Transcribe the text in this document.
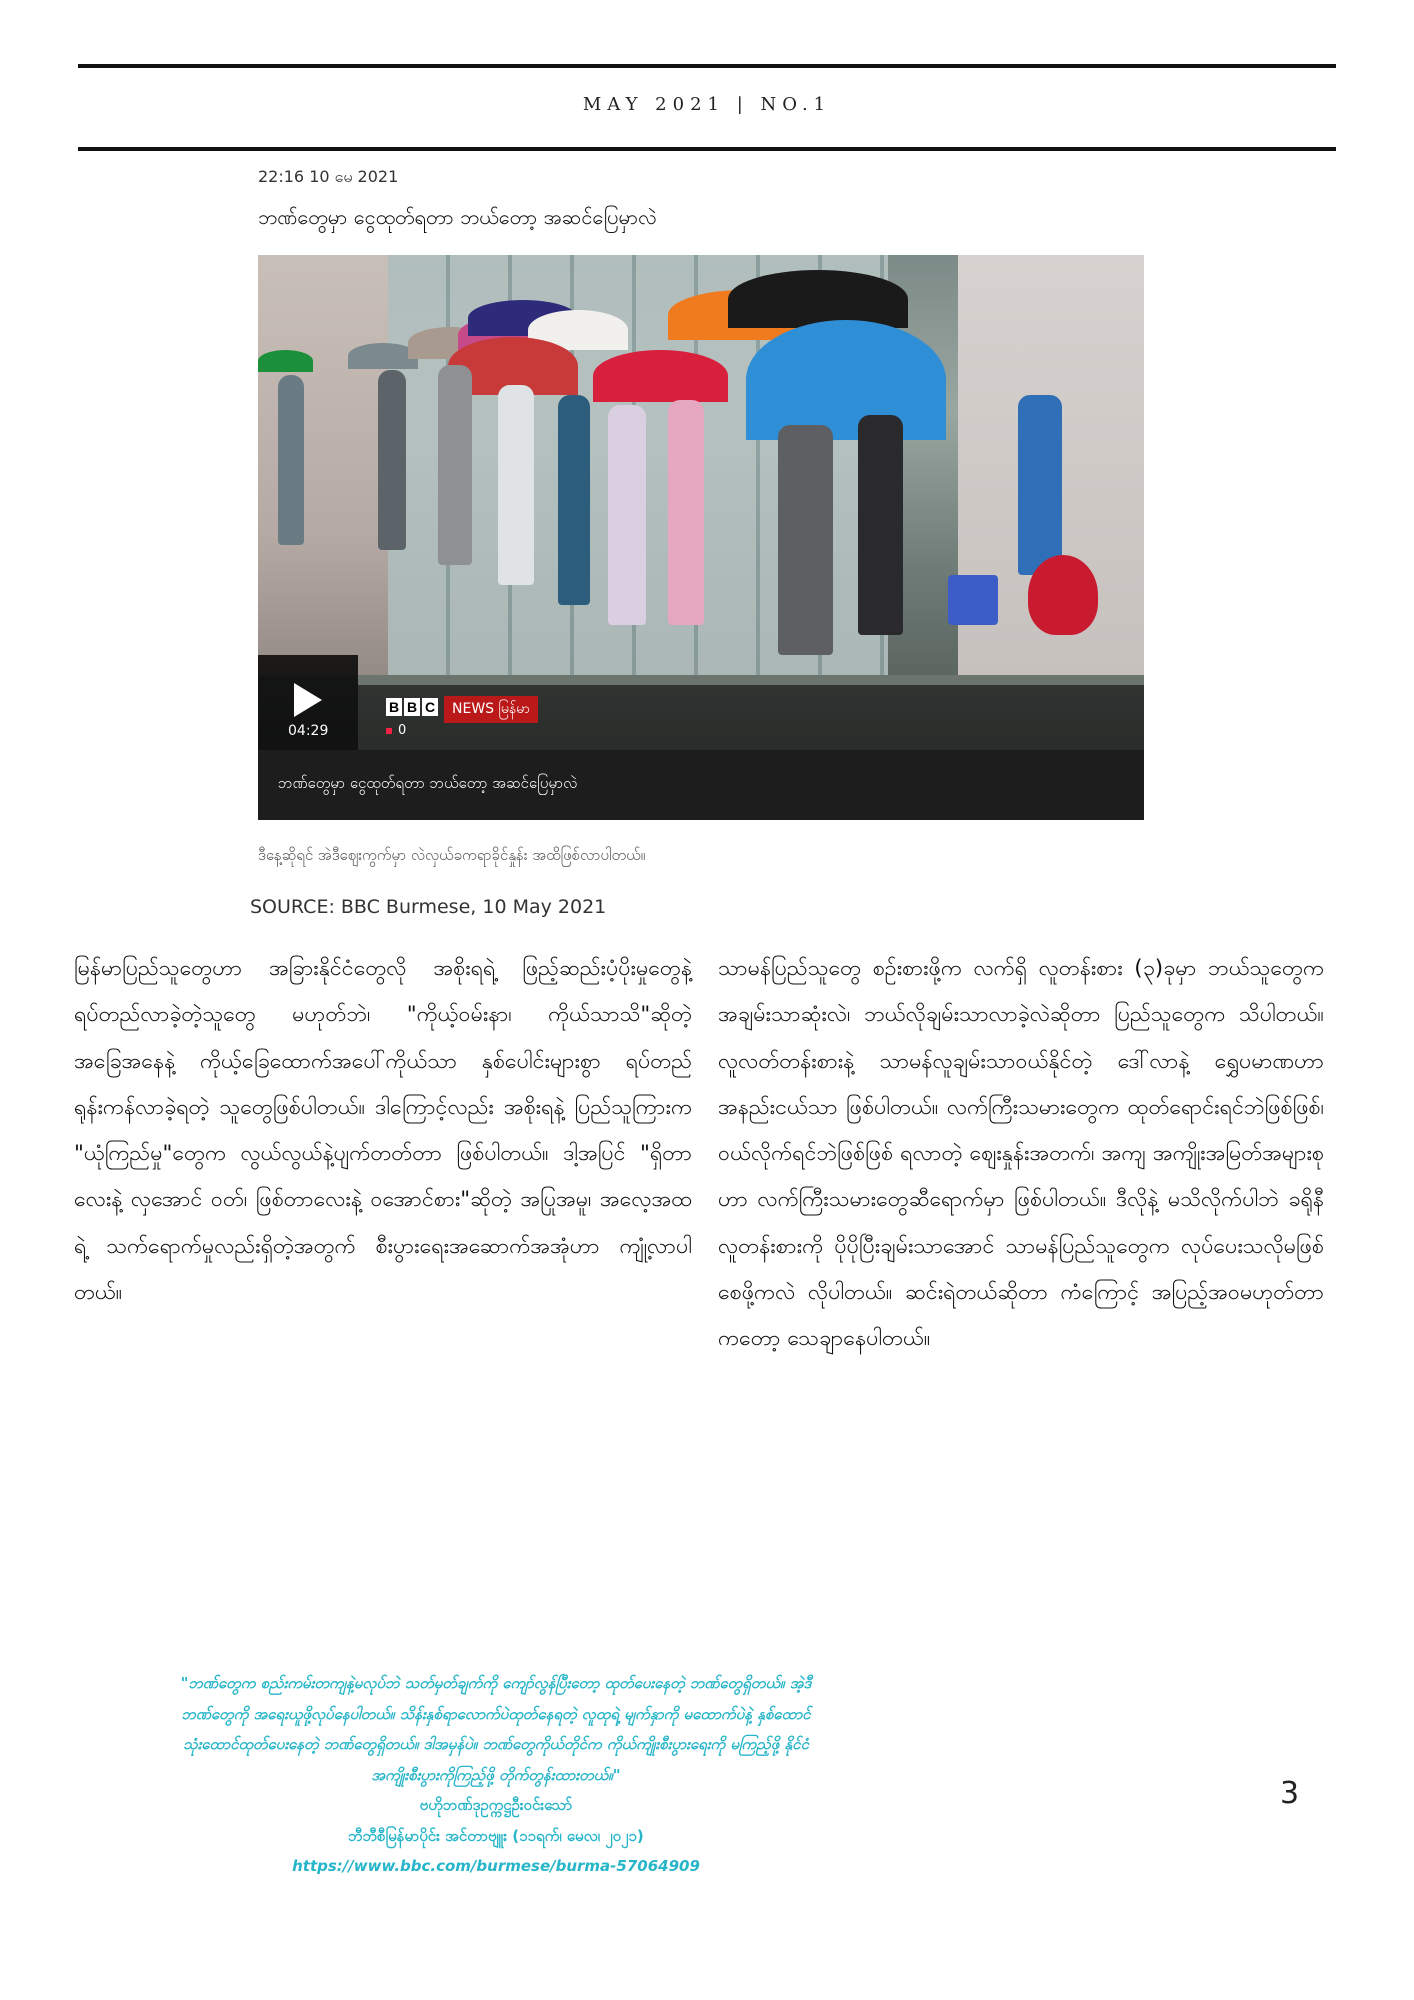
MAY 2021 | NO.1
22:16 10 မေ 2021
ဘဏ်တွေမှာ ငွေထုတ်ရတာ ဘယ်တော့ အဆင်ပြေမှာလဲ
04:29
B B C	NEWS မြန်မာ
0
ဘဏ်တွေမှာ ငွေထုတ်ရတာ ဘယ်တော့ အဆင်ပြေမှာလဲ
ဒီနေ့ဆိုရင် အဲဒီဈေးကွက်မှာ လဲလှယ်ခကရာခိုင်နှုန်း အထိဖြစ်လာပါတယ်။
SOURCE: BBC Burmese, 10 May 2021

မြန်မာပြည်သူတွေဟာ အခြားနိုင်ငံတွေလို အစိုးရရဲ့ ဖြည့်ဆည်းပံ့ပိုးမှုတွေနဲ့ ရပ်တည်လာခဲ့တဲ့သူတွေ မဟုတ်ဘဲ၊ "ကိုယ့်ဝမ်းနာ၊ ကိုယ်သာသိ"ဆိုတဲ့ အခြေအနေနဲ့ ကိုယ့်ခြေထောက်အပေါ်ကိုယ်သာ နှစ်ပေါင်းများစွာ ရပ်တည်ရုန်းကန်လာခဲ့ရတဲ့ သူတွေဖြစ်ပါတယ်။ ဒါကြောင့်လည်း အစိုးရနဲ့ ပြည်သူကြားက "ယုံကြည်မှု"တွေက လွယ်လွယ်နဲ့ပျက်တတ်တာ ဖြစ်ပါတယ်။ ဒါ့အပြင် "ရှိတာလေးနဲ့ လှအောင် ဝတ်၊ ဖြစ်တာလေးနဲ့ ဝအောင်စား"ဆိုတဲ့ အပြုအမူ၊ အလေ့အထရဲ့ သက်ရောက်မှုလည်းရှိတဲ့အတွက် စီးပွားရေးအဆောက်အအုံဟာ ကျုံ့လာပါတယ်။

သာမန်ပြည်သူတွေ စဉ်းစားဖို့က လက်ရှိ လူတန်းစား (၃)ခုမှာ ဘယ်သူတွေက အချမ်းသာဆုံးလဲ၊ ဘယ်လိုချမ်းသာလာခဲ့လဲဆိုတာ ပြည်သူတွေက သိပါတယ်။ လူလတ်တန်းစားနဲ့ သာမန်လူချမ်းသာဝယ်နိုင်တဲ့ ဒေါ်လာနဲ့ ရွှေပမာဏဟာ အနည်းငယ်သာ ဖြစ်ပါတယ်။ လက်ကြီးသမားတွေက ထုတ်ရောင်းရင်ဘဲဖြစ်ဖြစ်၊ ဝယ်လိုက်ရင်ဘဲဖြစ်ဖြစ် ရလာတဲ့ ဈေးနှုန်းအတက်၊ အကျ အကျိုးအမြတ်အများစုဟာ လက်ကြီးသမားတွေဆီရောက်မှာ ဖြစ်ပါတယ်။ ဒီလိုနဲ့ မသိလိုက်ပါဘဲ ခရိုနီလူတန်းစားကို ပိုပိုပြီးချမ်းသာအောင် သာမန်ပြည်သူတွေက လုပ်ပေးသလိုမဖြစ်စေဖို့ကလဲ လိုပါတယ်။ ဆင်းရဲတယ်ဆိုတာ ကံကြောင့် အပြည့်အဝမဟုတ်တာကတော့ သေချာနေပါတယ်။

"ဘဏ်တွေက စည်းကမ်းတကျနဲ့မလုပ်ဘဲ သတ်မှတ်ချက်ကို ကျော်လွန်ပြီးတော့ ထုတ်ပေးနေတဲ့ ဘဏ်တွေရှိတယ်။ အဲ့ဒီဘဏ်တွေကို အရေးယူဖို့လုပ်နေပါတယ်။ သိန်းနှစ်ရာလောက်ပဲထုတ်နေရတဲ့ လူထုရဲ့ မျက်နှာကို မထောက်ပဲနဲ့ နှစ်ထောင် သုံးထောင်ထုတ်ပေးနေတဲ့ ဘဏ်တွေရှိတယ်။ ဒါအမှန်ပဲ။ ဘဏ်တွေကိုယ်တိုင်က ကိုယ်ကျိုးစီးပွားရေးကို မကြည့်ဖို့ နိုင်ငံအကျိုးစီးပွားကိုကြည့်ဖို့ တိုက်တွန်းထားတယ်။"

ဗဟိုဘဏ်ဒုဥက္ကဋ္ဌဦးဝင်းသော်

ဘီဘီစီမြန်မာပိုင်း အင်တာဗျူး (၁၁ရက်၊ မေလ၊ ၂၀၂၁)

https://www.bbc.com/burmese/burma-57064909

3
